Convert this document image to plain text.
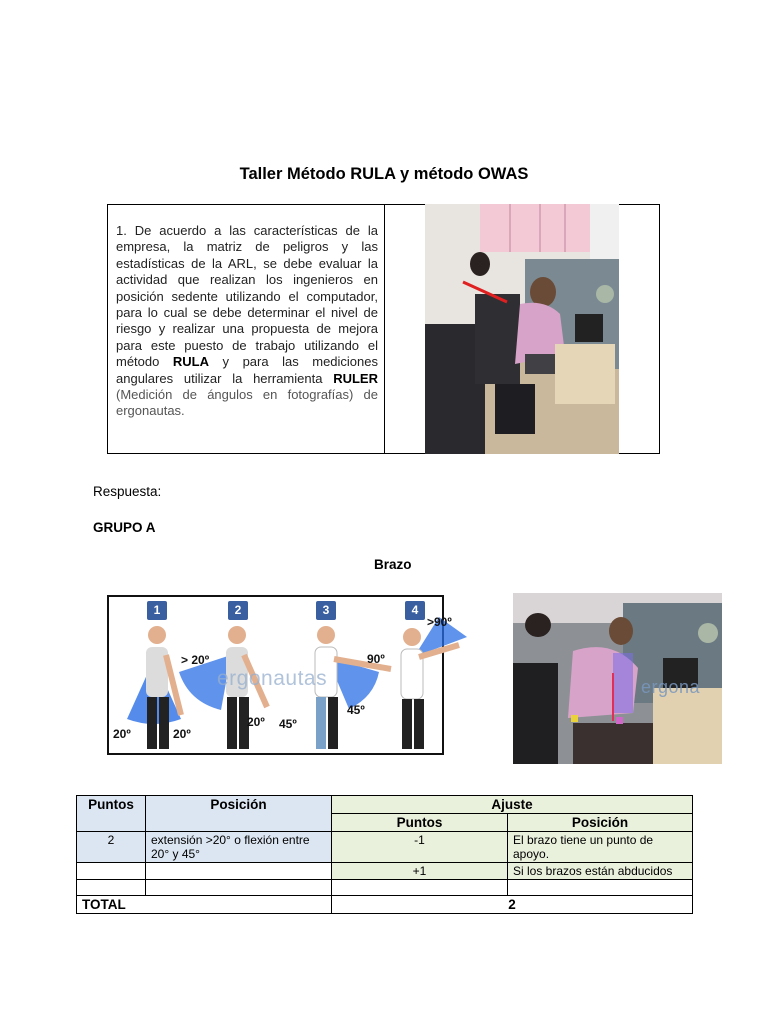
Taller Método RULA y método OWAS
1. De acuerdo a las características de la empresa, la matriz de peligros y las estadísticas de la ARL, se debe evaluar la actividad que realizan los ingenieros en posición sedente utilizando el computador, para lo cual se debe determinar el nivel de riesgo y realizar una propuesta de mejora para este puesto de trabajo utilizando el método RULA y para las mediciones angulares utilizar la herramienta RULER (Medición de ángulos en fotografías) de ergonautas.
Respuesta:
GRUPO A
Brazo
1	2	3	4
20º	20º
> 20º
20º 45º
90º
45º
>90º
ergonautas	ergona
Puntos	Posición	Ajuste	
		Puntos	Posición
2	extensión >20° o flexión entre 20° y 45°	-1	El brazo tiene un punto de apoyo.
		+1	Si los brazos están abducidos

TOTAL		2	
